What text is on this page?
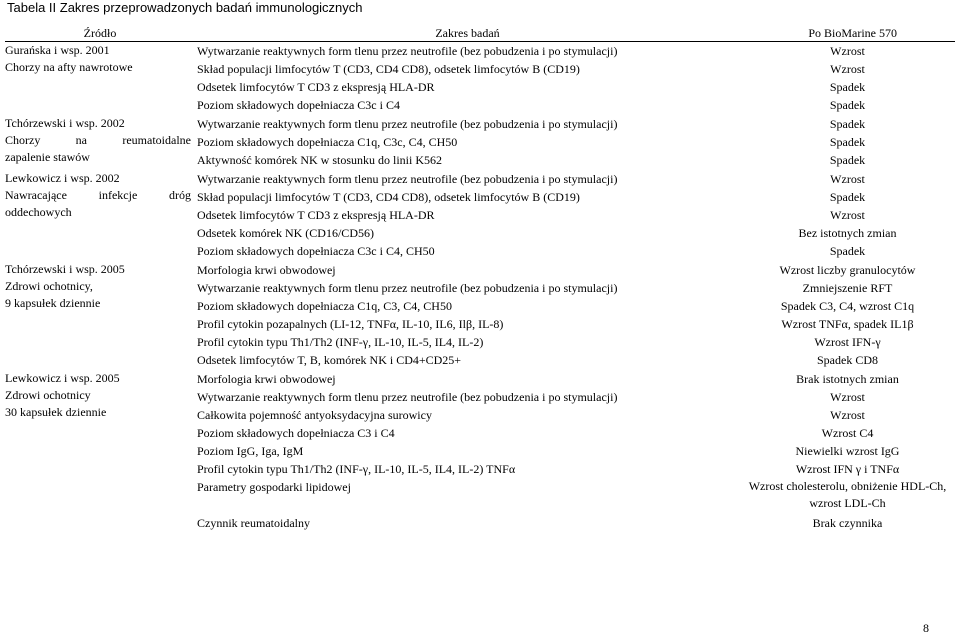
Tabela II Zakres przeprowadzonych badań immunologicznych
Źródło	Zakres badań	Po BioMarine 570

Gurańska i wsp. 2001
Chorzy na afty nawrotowe	Wytwarzanie reaktywnych form tlenu przez neutrofile (bez pobudzenia i po stymulacji)	Wzrost
	Skład populacji limfocytów T (CD3, CD4 CD8), odsetek limfocytów B (CD19)	Wzrost
	Odsetek limfocytów T CD3 z ekspresją HLA-DR	Spadek
	Poziom składowych dopełniacza C3c i C4	Spadek

Tchórzewski i wsp. 2002
Chorzy na reumatoidalne
zapalenie stawów	Wytwarzanie reaktywnych form tlenu przez neutrofile (bez pobudzenia i po stymulacji)	Spadek
	Poziom składowych dopełniacza C1q, C3c, C4, CH50	Spadek
	Aktywność komórek NK w stosunku do linii K562	Spadek

Lewkowicz i wsp. 2002
Nawracające infekcje dróg
oddechowych	Wytwarzanie reaktywnych form tlenu przez neutrofile (bez pobudzenia i po stymulacji)	Wzrost
	Skład populacji limfocytów T (CD3, CD4 CD8), odsetek limfocytów B (CD19)	Spadek
	Odsetek limfocytów T CD3 z ekspresją HLA-DR	Wzrost
	Odsetek komórek NK (CD16/CD56)	Bez istotnych zmian
	Poziom składowych dopełniacza C3c i C4, CH50	Spadek

Tchórzewski i wsp. 2005
Zdrowi ochotnicy,
9 kapsułek dziennie	Morfologia krwi obwodowej	Wzrost liczby granulocytów
	Wytwarzanie reaktywnych form tlenu przez neutrofile (bez pobudzenia i po stymulacji)	Zmniejszenie RFT
	Poziom składowych dopełniacza C1q, C3, C4, CH50	Spadek C3, C4, wzrost C1q
	Profil cytokin pozapalnych (LI-12, TNFα, IL-10, IL6, Ilβ, IL-8)	Wzrost TNFα, spadek IL1β
	Profil cytokin typu Th1/Th2 (INF-γ, IL-10, IL-5, IL4, IL-2)	Wzrost IFN-γ
	Odsetek limfocytów T, B, komórek NK i CD4+CD25+	Spadek CD8

Lewkowicz i wsp. 2005
Zdrowi ochotnicy
30 kapsułek dziennie	Morfologia krwi obwodowej	Brak istotnych zmian
	Wytwarzanie reaktywnych form tlenu przez neutrofile (bez pobudzenia i po stymulacji)	Wzrost
	Całkowita pojemność antyoksydacyjna surowicy	Wzrost
	Poziom składowych dopełniacza C3 i C4	Wzrost C4
	Poziom IgG, Iga, IgM	Niewielki wzrost IgG
	Profil cytokin typu Th1/Th2 (INF-γ, IL-10, IL-5, IL4, IL-2) TNFα	Wzrost IFN γ i TNFα
	Parametry gospodarki lipidowej	Wzrost cholesterolu, obniżenie HDL-Ch, wzrost LDL-Ch
	Czynnik reumatoidalny	Brak czynnika
8
